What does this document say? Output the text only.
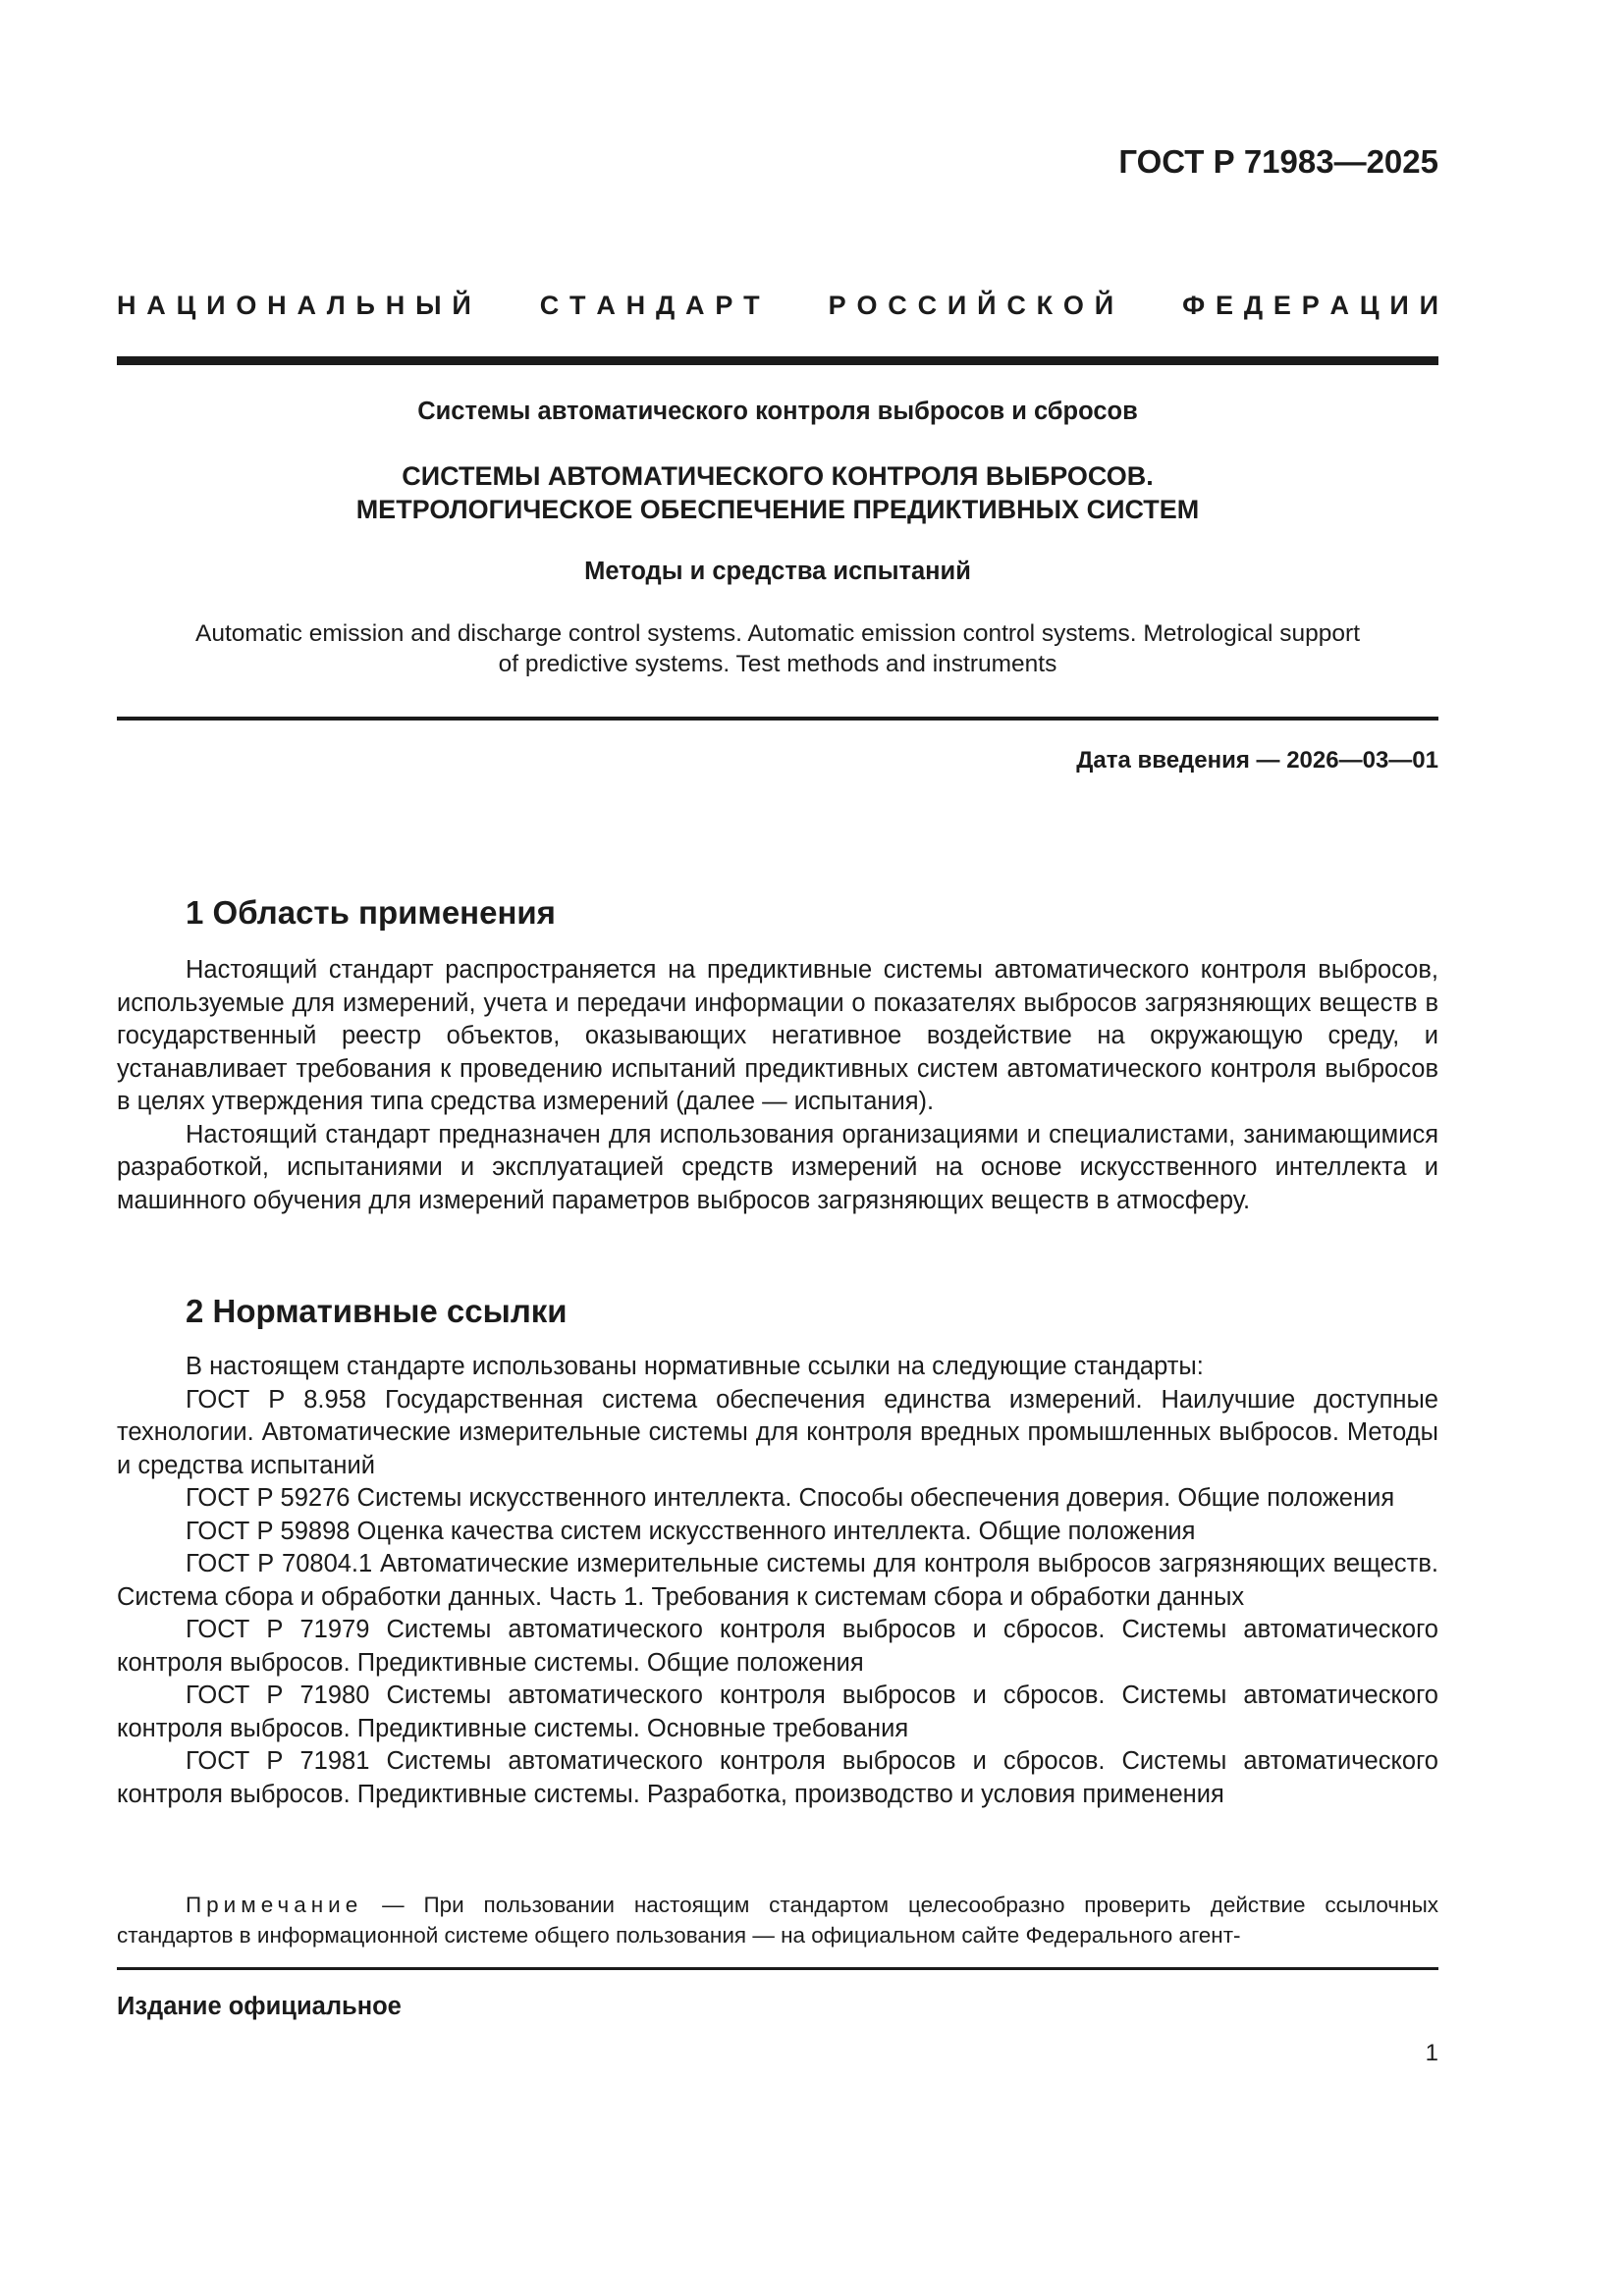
ГОСТ Р 71983—2025
Н  А  Ц  И  О  Н  А  Л  Ь  Н  Ы  Й	С  Т  А  Н  Д  А  Р  Т	Р  О  С  С  И  Й  С  К  О  Й	Ф  Е  Д  Е  Р  А  Ц  И  И
Системы автоматического контроля выбросов и сбросов
СИСТЕМЫ АВТОМАТИЧЕСКОГО КОНТРОЛЯ ВЫБРОСОВ.
МЕТРОЛОГИЧЕСКОЕ ОБЕСПЕЧЕНИЕ ПРЕДИКТИВНЫХ СИСТЕМ
Методы и средства испытаний
Automatic emission and discharge control systems. Automatic emission control systems. Metrological support
of predictive systems. Test methods and instruments
Дата введения — 2026—03—01
1 Область применения

Настоящий стандарт распространяется на предиктивные системы автоматического контроля выбросов, используемые для измерений, учета и передачи информации о показателях выбросов загрязняющих веществ в государственный реестр объектов, оказывающих негативное воздействие на окружающую среду, и устанавливает требования к проведению испытаний предиктивных систем автоматического контроля выбросов в целях утверждения типа средства измерений (далее — испытания).

Настоящий стандарт предназначен для использования организациями и специалистами, занимающимися разработкой, испытаниями и эксплуатацией средств измерений на основе искусственного интеллекта и машинного обучения для измерений параметров выбросов загрязняющих веществ в атмосферу.

2 Нормативные ссылки

В настоящем стандарте использованы нормативные ссылки на следующие стандарты:

ГОСТ Р 8.958 Государственная система обеспечения единства измерений. Наилучшие доступные технологии. Автоматические измерительные системы для контроля вредных промышленных выбросов. Методы и средства испытаний

ГОСТ Р 59276 Системы искусственного интеллекта. Способы обеспечения доверия. Общие положения

ГОСТ Р 59898 Оценка качества систем искусственного интеллекта. Общие положения

ГОСТ Р 70804.1 Автоматические измерительные системы для контроля выбросов загрязняющих веществ. Система сбора и обработки данных. Часть 1. Требования к системам сбора и обработки данных

ГОСТ Р 71979 Системы автоматического контроля выбросов и сбросов. Системы автоматического контроля выбросов. Предиктивные системы. Общие положения

ГОСТ Р 71980 Системы автоматического контроля выбросов и сбросов. Системы автоматического контроля выбросов. Предиктивные системы. Основные требования

ГОСТ Р 71981 Системы автоматического контроля выбросов и сбросов. Системы автоматического контроля выбросов. Предиктивные системы. Разработка, производство и условия применения

Примечание — При пользовании настоящим стандартом целесообразно проверить действие ссылочных стандартов в информационной системе общего пользования — на официальном сайте Федерального агент-
Издание официальное
1
